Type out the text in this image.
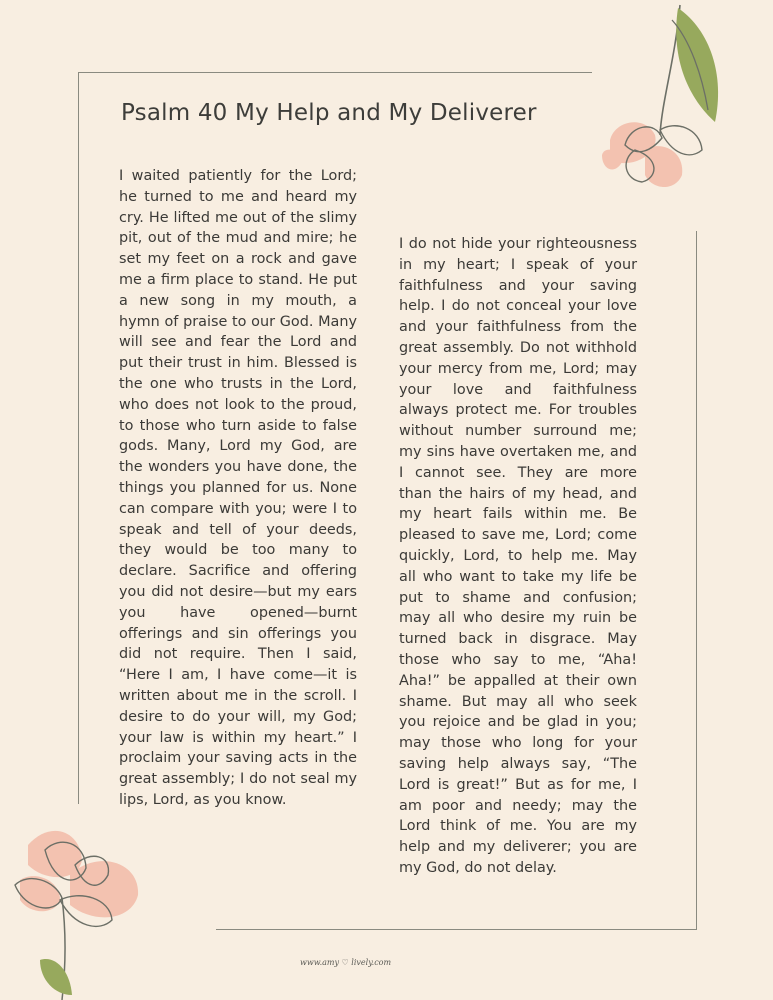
Psalm 40 My Help and My Deliverer

I waited patiently for the Lord; he turned to me and heard my cry. He lifted me out of the slimy pit, out of the mud and mire; he set my feet on a rock and gave me a firm place to stand. He put a new song in my mouth, a hymn of praise to our God. Many will see and fear the Lord and put their trust in him. Blessed is the one who trusts in the Lord, who does not look to the proud, to those who turn aside to false gods. Many, Lord my God, are the wonders you have done, the things you planned for us. None can compare with you; were I to speak and tell of your deeds, they would be too many to declare. Sacrifice and offering you did not desire—but my ears you have opened—burnt offerings and sin offerings you did not require. Then I said, “Here I am, I have come—it is written about me in the scroll. I desire to do your will, my God; your law is within my heart.” I proclaim your saving acts in the great assembly; I do not seal my lips, Lord, as you know.

I do not hide your righteousness in my heart; I speak of your faithfulness and your saving help. I do not conceal your love and your faithfulness from the great assembly. Do not withhold your mercy from me, Lord; may your love and faithfulness always protect me. For troubles without number surround me; my sins have overtaken me, and I cannot see. They are more than the hairs of my head, and my heart fails within me. Be pleased to save me, Lord; come quickly, Lord, to help me. May all who want to take my life be put to shame and confusion; may all who desire my ruin be turned back in disgrace. May those who say to me, “Aha! Aha!” be appalled at their own shame. But may all who seek you rejoice and be glad in you; may those who long for your saving help always say, “The Lord is great!” But as for me, I am poor and needy; may the Lord think of me. You are my help and my deliverer; you are my God, do not delay.

www.amy ♡ lively.com
